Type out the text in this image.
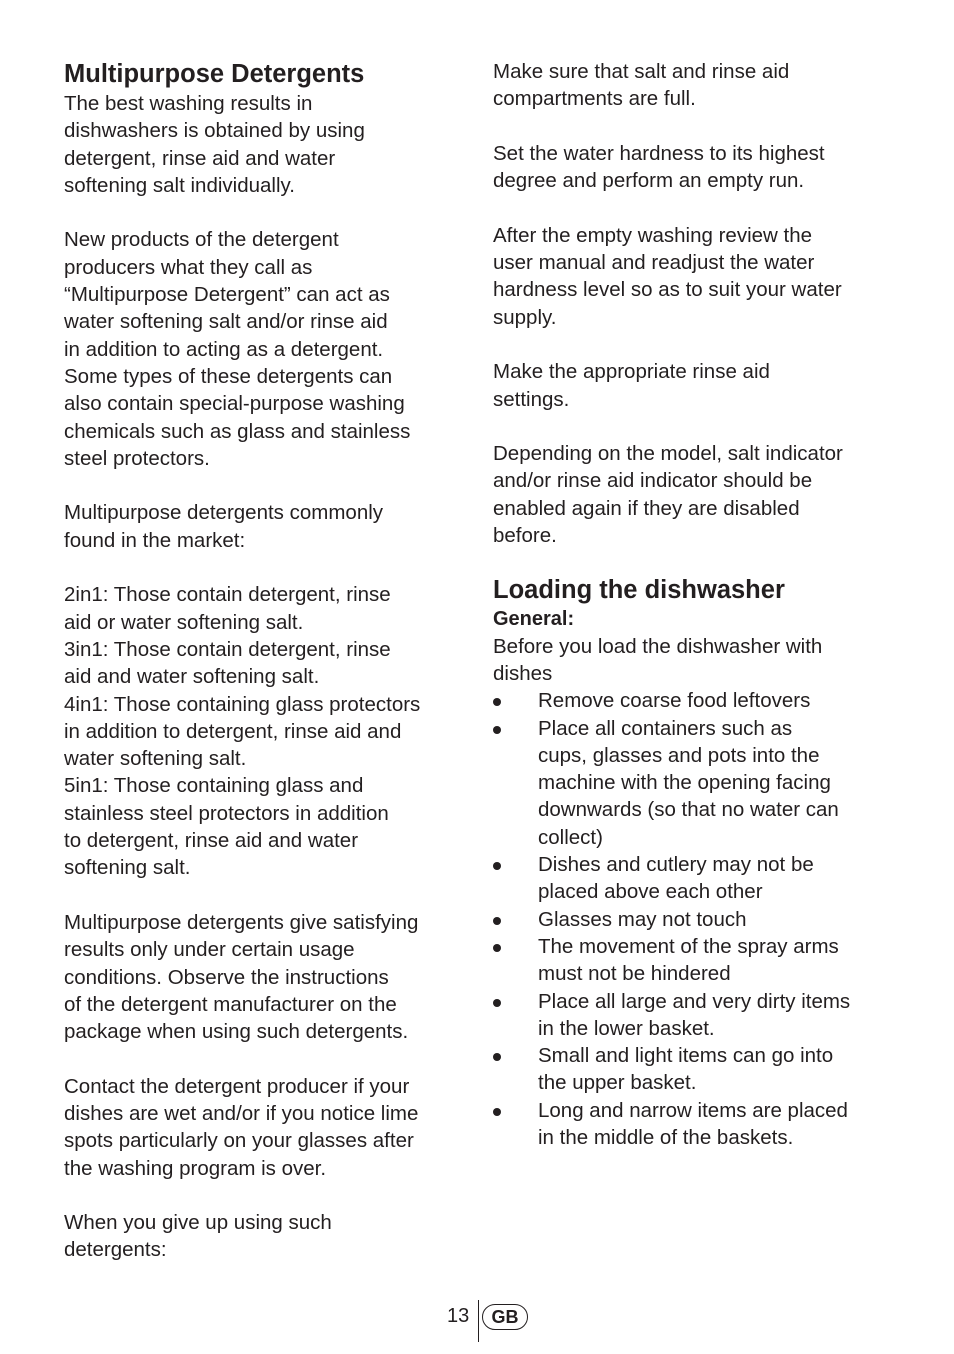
Multipurpose Detergents

The best washing results in
dishwashers is obtained by using
detergent, rinse aid and water
softening salt individually.

New products of the detergent
producers what they call as
“Multipurpose Detergent” can act as
water softening salt and/or rinse aid
in addition to acting as a detergent.
Some types of these detergents can
also contain special-purpose washing
chemicals such as glass and stainless
steel protectors.

Multipurpose detergents commonly
found in the market:

2in1: Those contain detergent, rinse
aid or water softening salt.
3in1: Those contain detergent, rinse
aid and water softening salt.
4in1: Those containing glass protectors
in addition to detergent, rinse aid and
water softening salt.
5in1: Those containing glass and
stainless steel protectors in addition
to detergent, rinse aid and water
softening salt.

Multipurpose detergents give satisfying
results only under certain usage
conditions. Observe the instructions
of the detergent manufacturer on the
package when using such detergents.

Contact the detergent producer if your
dishes are wet and/or if you notice lime
spots particularly on your glasses after
the washing program is over.

When you give up using such
detergents:

Make sure that salt and rinse aid
compartments are full.

Set the water hardness to its highest
degree and perform an empty run.

After the empty washing review the
user manual and readjust the water
hardness level so as to suit your water
supply.

Make the appropriate rinse aid
settings.

Depending on the model, salt indicator
and/or rinse aid indicator should be
enabled again if they are disabled
before.

Loading the dishwasher
General:

Before you load the dishwasher with
dishes

Remove coarse food leftovers
Place all containers such as
cups, glasses and pots into the
machine with the opening facing
downwards (so that no water can
collect)
Dishes and cutlery may not be
placed above each other
Glasses may not touch
The movement of the spray arms
must not be hindered
Place all large and very dirty items
in the lower basket.
Small and light items can go into
the upper basket.
Long and narrow items are placed
in the middle of the baskets.
13	GB
